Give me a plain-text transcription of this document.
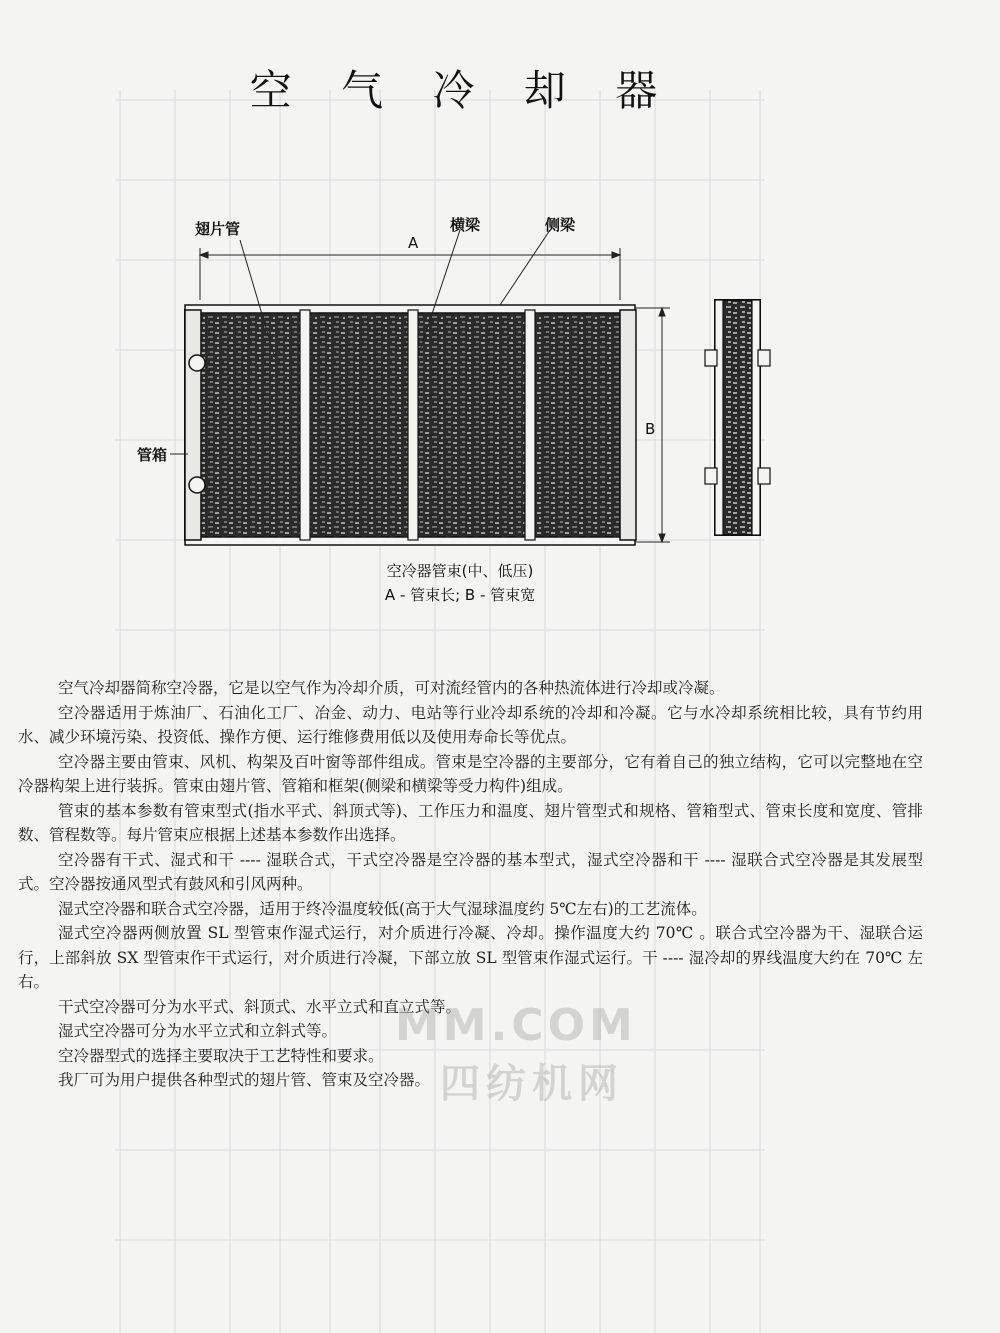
空 气 冷 却 器
翅片管	横梁	侧梁
A
B
管箱
空冷器管束(中、低压)
A - 管束长; B - 管束宽

空气冷却器简称空冷器，它是以空气作为冷却介质，可对流经管内的各种热流体进行冷却或冷凝。

空冷器适用于炼油厂、石油化工厂、冶金、动力、电站等行业冷却系统的冷却和冷凝。它与水冷却系统相比较，具有节约用水、减少环境污染、投资低、操作方便、运行维修费用低以及使用寿命长等优点。

空冷器主要由管束、风机、构架及百叶窗等部件组成。管束是空冷器的主要部分，它有着自己的独立结构，它可以完整地在空冷器构架上进行装拆。管束由翅片管、管箱和框架(侧梁和横梁等受力构件)组成。

管束的基本参数有管束型式(指水平式、斜顶式等)、工作压力和温度、翅片管型式和规格、管箱型式、管束长度和宽度、管排数、管程数等。每片管束应根据上述基本参数作出选择。

空冷器有干式、湿式和干 ---- 湿联合式，干式空冷器是空冷器的基本型式，湿式空冷器和干 ---- 湿联合式空冷器是其发展型式。空冷器按通风型式有鼓风和引风两种。

湿式空冷器和联合式空冷器，适用于终冷温度较低(高于大气湿球温度约 5℃左右)的工艺流体。

湿式空冷器两侧放置 SL 型管束作湿式运行，对介质进行冷凝、冷却。操作温度大约 70℃ 。联合式空冷器为干、湿联合运行，上部斜放 SX 型管束作干式运行，对介质进行冷凝，下部立放 SL 型管束作湿式运行。干 ---- 湿冷却的界线温度大约在 70℃ 左右。

干式空冷器可分为水平式、斜顶式、水平立式和直立式等。

湿式空冷器可分为水平立式和立斜式等。

空冷器型式的选择主要取决于工艺特性和要求。

我厂可为用户提供各种型式的翅片管、管束及空冷器。

MM.COM
四纺机网
